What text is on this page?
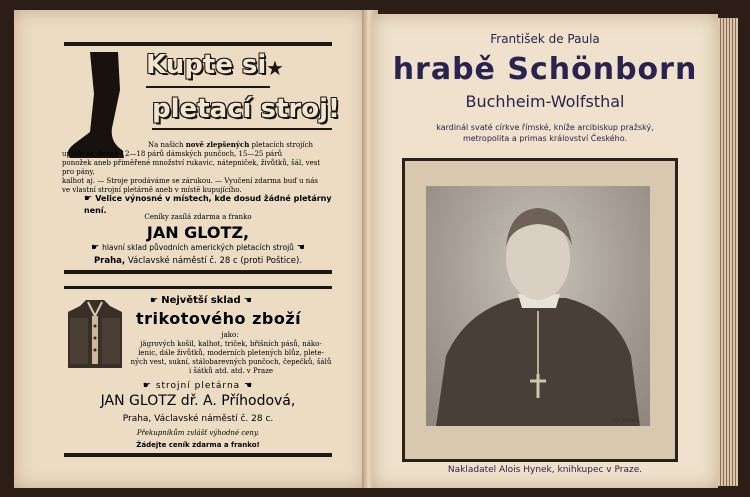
Kupte si ★
pletací stroj!
Na našich nově zlepšených pletacích strojích
upleté se denně 12—18 párů dámských punčoch, 15—25 párů
ponožek aneb přiměřené množství rukavic, nátepniček, živůtků, šál, vest pro pány,
kalhot aj. — Stroje prodáváme se zárukou. — Vyučení zdarma buď u nás
ve vlastní strojní pletárně aneb v místě kupujícího.
☛ Velice výnosné v místech, kde dosud žádné pletárny není.
Ceníky zasílá zdarma a franko
JAN GLOTZ,
☛ hlavní sklad původních amerických pletacích strojů ☚
Praha, Václavské náměstí č. 28 c (proti Poštice).
☛ Největší sklad ☚
trikotového zboží
jako:
jägrových košil, kalhot, triček, břišních pásů, náko-
lenic, dále živůtků, moderních pletených blůz, plete-
ných vest, sukní, stálobarevných punčoch, čepečků, šálů
i šátků atd. atd. v Praze
☛ strojní pletárna ☚
JAN GLOTZ dř. A. Příhodová,
Praha, Václavské náměstí č. 28 c.
Překupníkům zvlášť výhodné ceny.
Žádejte ceník zdarma a franko!
František de Paula
hrabě Schönborn
Buchheim-Wolfsthal
kardinál svaté církve římské, kníže arcibiskup pražský,
metropolita a primas království Českého.
Fot. Eckert.
Nakladatel Alois Hynek, knihkupec v Praze.
